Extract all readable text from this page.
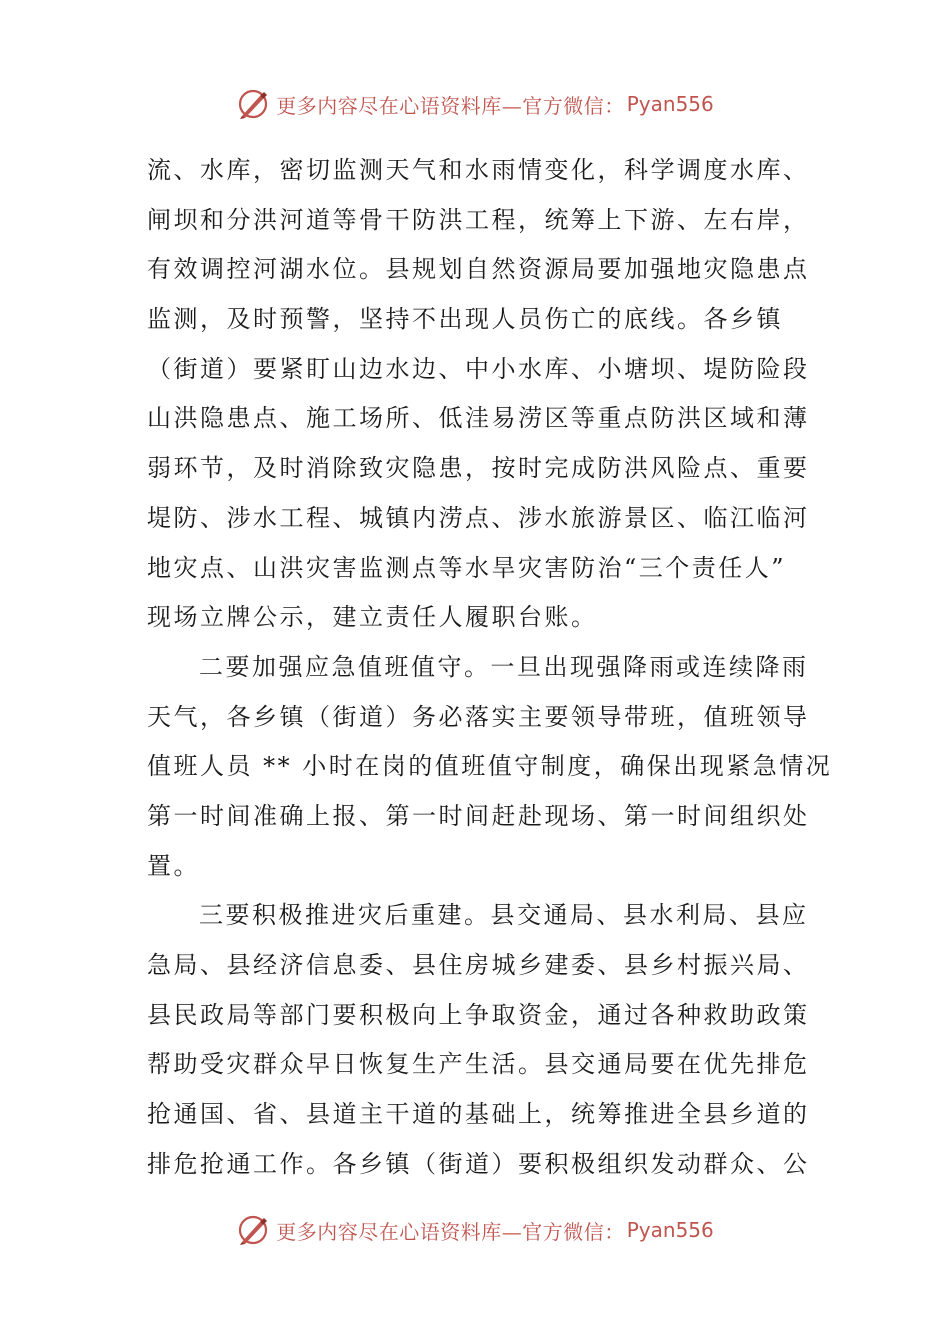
更多内容尽在心语资料库—官方微信： Pyan556
流、水库，密切监测天气和水雨情变化，科学调度水库、
闸坝和分洪河道等骨干防洪工程，统筹上下游、左右岸，
有效调控河湖水位。县规划自然资源局要加强地灾隐患点
监测，及时预警，坚持不出现人员伤亡的底线。各乡镇
（街道）要紧盯山边水边、中小水库、小塘坝、堤防险段
山洪隐患点、施工场所、低洼易涝区等重点防洪区域和薄
弱环节，及时消除致灾隐患，按时完成防洪风险点、重要
堤防、涉水工程、城镇内涝点、涉水旅游景区、临江临河
地灾点、山洪灾害监测点等水旱灾害防治“三个责任人”
现场立牌公示，建立责任人履职台账。
二要加强应急值班值守。一旦出现强降雨或连续降雨
天气，各乡镇（街道）务必落实主要领导带班，值班领导
值班人员 ** 小时在岗的值班值守制度，确保出现紧急情况
第一时间准确上报、第一时间赶赴现场、第一时间组织处
置。
三要积极推进灾后重建。县交通局、县水利局、县应
急局、县经济信息委、县住房城乡建委、县乡村振兴局、
县民政局等部门要积极向上争取资金，通过各种救助政策
帮助受灾群众早日恢复生产生活。县交通局要在优先排危
抢通国、省、县道主干道的基础上，统筹推进全县乡道的
排危抢通工作。各乡镇（街道）要积极组织发动群众、公
更多内容尽在心语资料库—官方微信： Pyan556
